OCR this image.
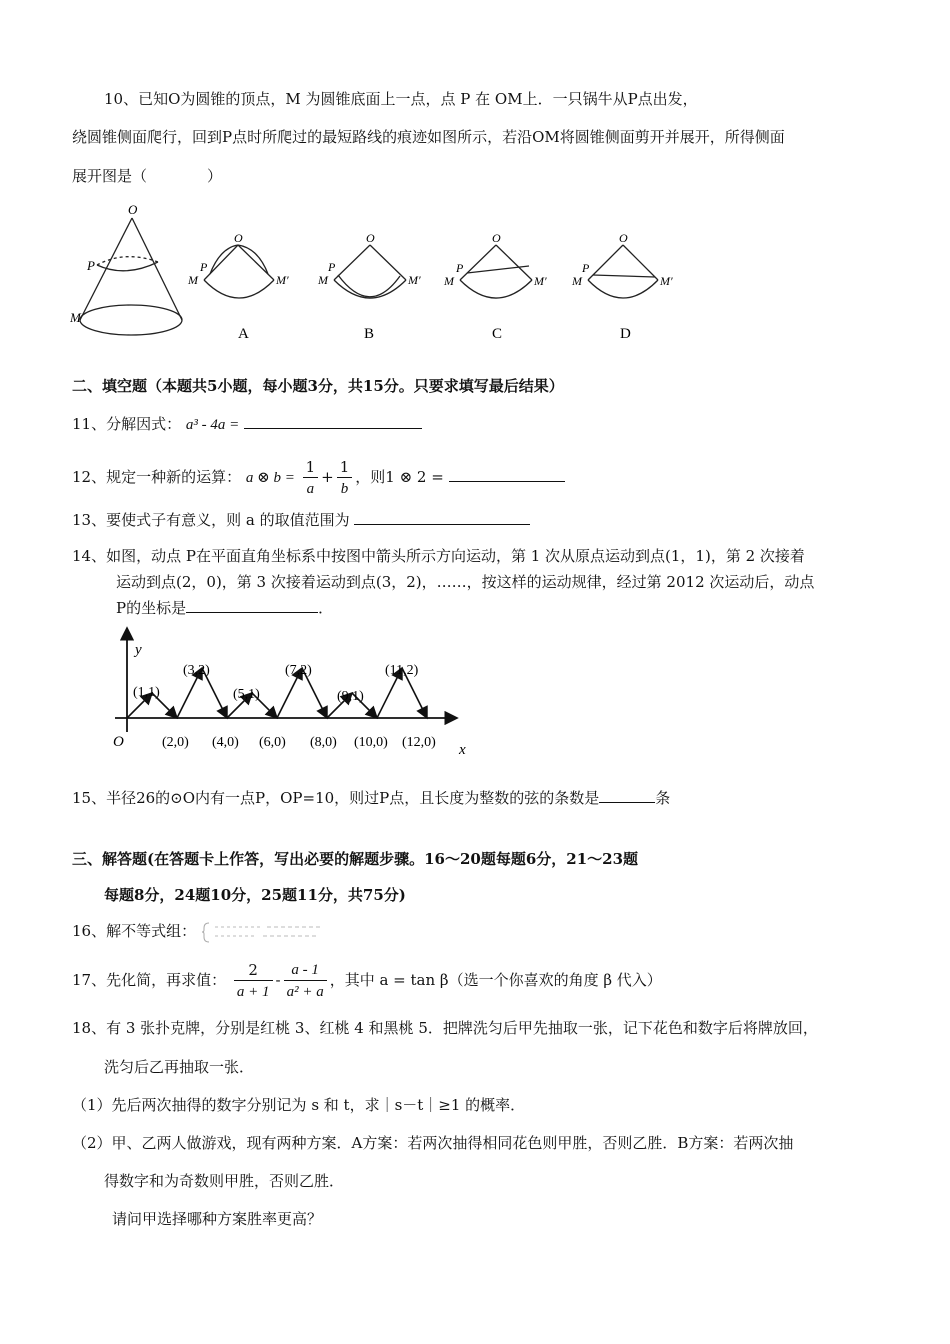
10、已知O为圆锥的顶点，M 为圆锥底面上一点，点 P 在 OM上．一只锅牛从P点出发，
绕圆锥侧面爬行，回到P点时所爬过的最短路线的痕迹如图所示，若沿OM将圆锥侧面剪开并展开，所得侧面
展开图是（　　　　）
O
P
M
O
P
M	M′
A
O
P
M	M′
B
O
P
M	M′
C
O
P
M	M′
D
二、填空题（本题共5小题，每小题3分，共15分。只要求填写最后结果）
11、分解因式： a³ - 4a =
12、规定一种新的运算： a ⊗ $b = \frac{1}{a} + \frac{1}{b}$ ，则1 ⊗ 2 =
13、要使式子有意义，则 a 的取值范围为
14、如图，动点 P在平面直角坐标系中按图中箭头所示方向运动，第 1 次从原点运动到点(1，1)，第 2 次接着
运动到点(2，0)，第 3 次接着运动到点(3，2)，……，按这样的运动规律，经过第 2012 次运动后，动点
P的坐标是	．
y
x
O
(1,1)
(3,2)
(5,1)
(7,2)
(9,1)
(11,2)
(2,0) (4,0) (6,0) (8,0) (10,0) (12,0)
15、半径26的⊙O内有一点P，OP=10，则过P点，且长度为整数的弦的条数是	条
三、解答题(在答题卡上作答，写出必要的解题步骤。16～20题每题6分，21～23题
每题8分，24题10分，25题11分，共75分)
16、解不等式组：
17、先化简，再求值： $\frac{2}{a + 1} - \frac{a - 1}{\text{a² + a}}$ ，其中 a = tan β（选一个你喜欢的角度 β 代入）
18、有 3 张扑克牌，分别是红桃 3、红桃 4 和黑桃 5．把牌洗匀后甲先抽取一张，记下花色和数字后将牌放回，
洗匀后乙再抽取一张．
（1）先后两次抽得的数字分别记为 s 和 t，求｜s－t｜≥1 的概率．
（2）甲、乙两人做游戏，现有两种方案．A方案：若两次抽得相同花色则甲胜，否则乙胜．B方案：若两次抽
得数字和为奇数则甲胜，否则乙胜．
请问甲选择哪种方案胜率更高？
